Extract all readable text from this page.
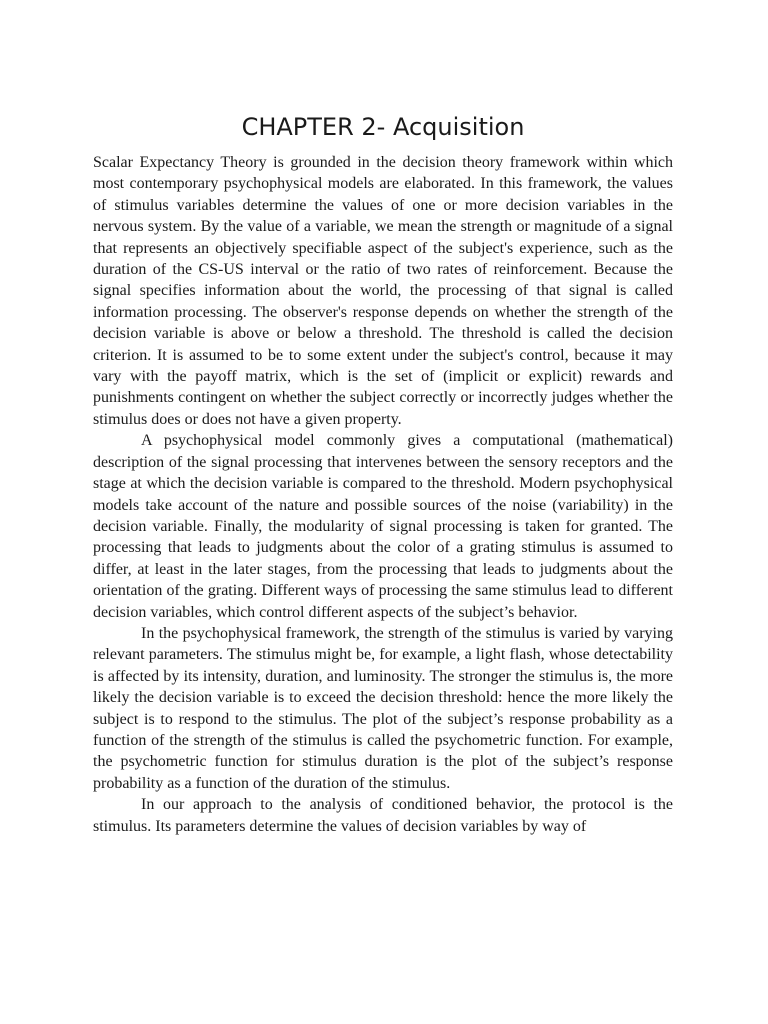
CHAPTER 2- Acquisition

Scalar Expectancy Theory is grounded in the decision theory framework within which most contemporary psychophysical models are elaborated. In this framework, the values of stimulus variables determine the values of one or more decision variables in the nervous system. By the value of a variable, we mean the strength or magnitude of a signal that represents an objectively specifiable aspect of the subject's experience, such as the duration of the CS-US interval or the ratio of two rates of reinforcement. Because the signal specifies information about the world, the processing of that signal is called information processing. The observer's response depends on whether the strength of the decision variable is above or below a threshold. The threshold is called the decision criterion. It is assumed to be to some extent under the subject's control, because it may vary with the payoff matrix, which is the set of (implicit or explicit) rewards and punishments contingent on whether the subject correctly or incorrectly judges whether the stimulus does or does not have a given property.

A psychophysical model commonly gives a computational (mathematical) description of the signal processing that intervenes between the sensory receptors and the stage at which the decision variable is compared to the threshold. Modern psychophysical models take account of the nature and possible sources of the noise (variability) in the decision variable. Finally, the modularity of signal processing is taken for granted. The processing that leads to judgments about the color of a grating stimulus is assumed to differ, at least in the later stages, from the processing that leads to judgments about the orientation of the grating. Different ways of processing the same stimulus lead to different decision variables, which control different aspects of the subject’s behavior.

In the psychophysical framework, the strength of the stimulus is varied by varying relevant parameters. The stimulus might be, for example, a light flash, whose detectability is affected by its intensity, duration, and luminosity. The stronger the stimulus is, the more likely the decision variable is to exceed the decision threshold: hence the more likely the subject is to respond to the stimulus. The plot of the subject’s response probability as a function of the strength of the stimulus is called the psychometric function. For example, the psychometric function for stimulus duration is the plot of the subject’s response probability as a function of the duration of the stimulus.

In our approach to the analysis of conditioned behavior, the protocol is the stimulus. Its parameters determine the values of decision variables by way of
